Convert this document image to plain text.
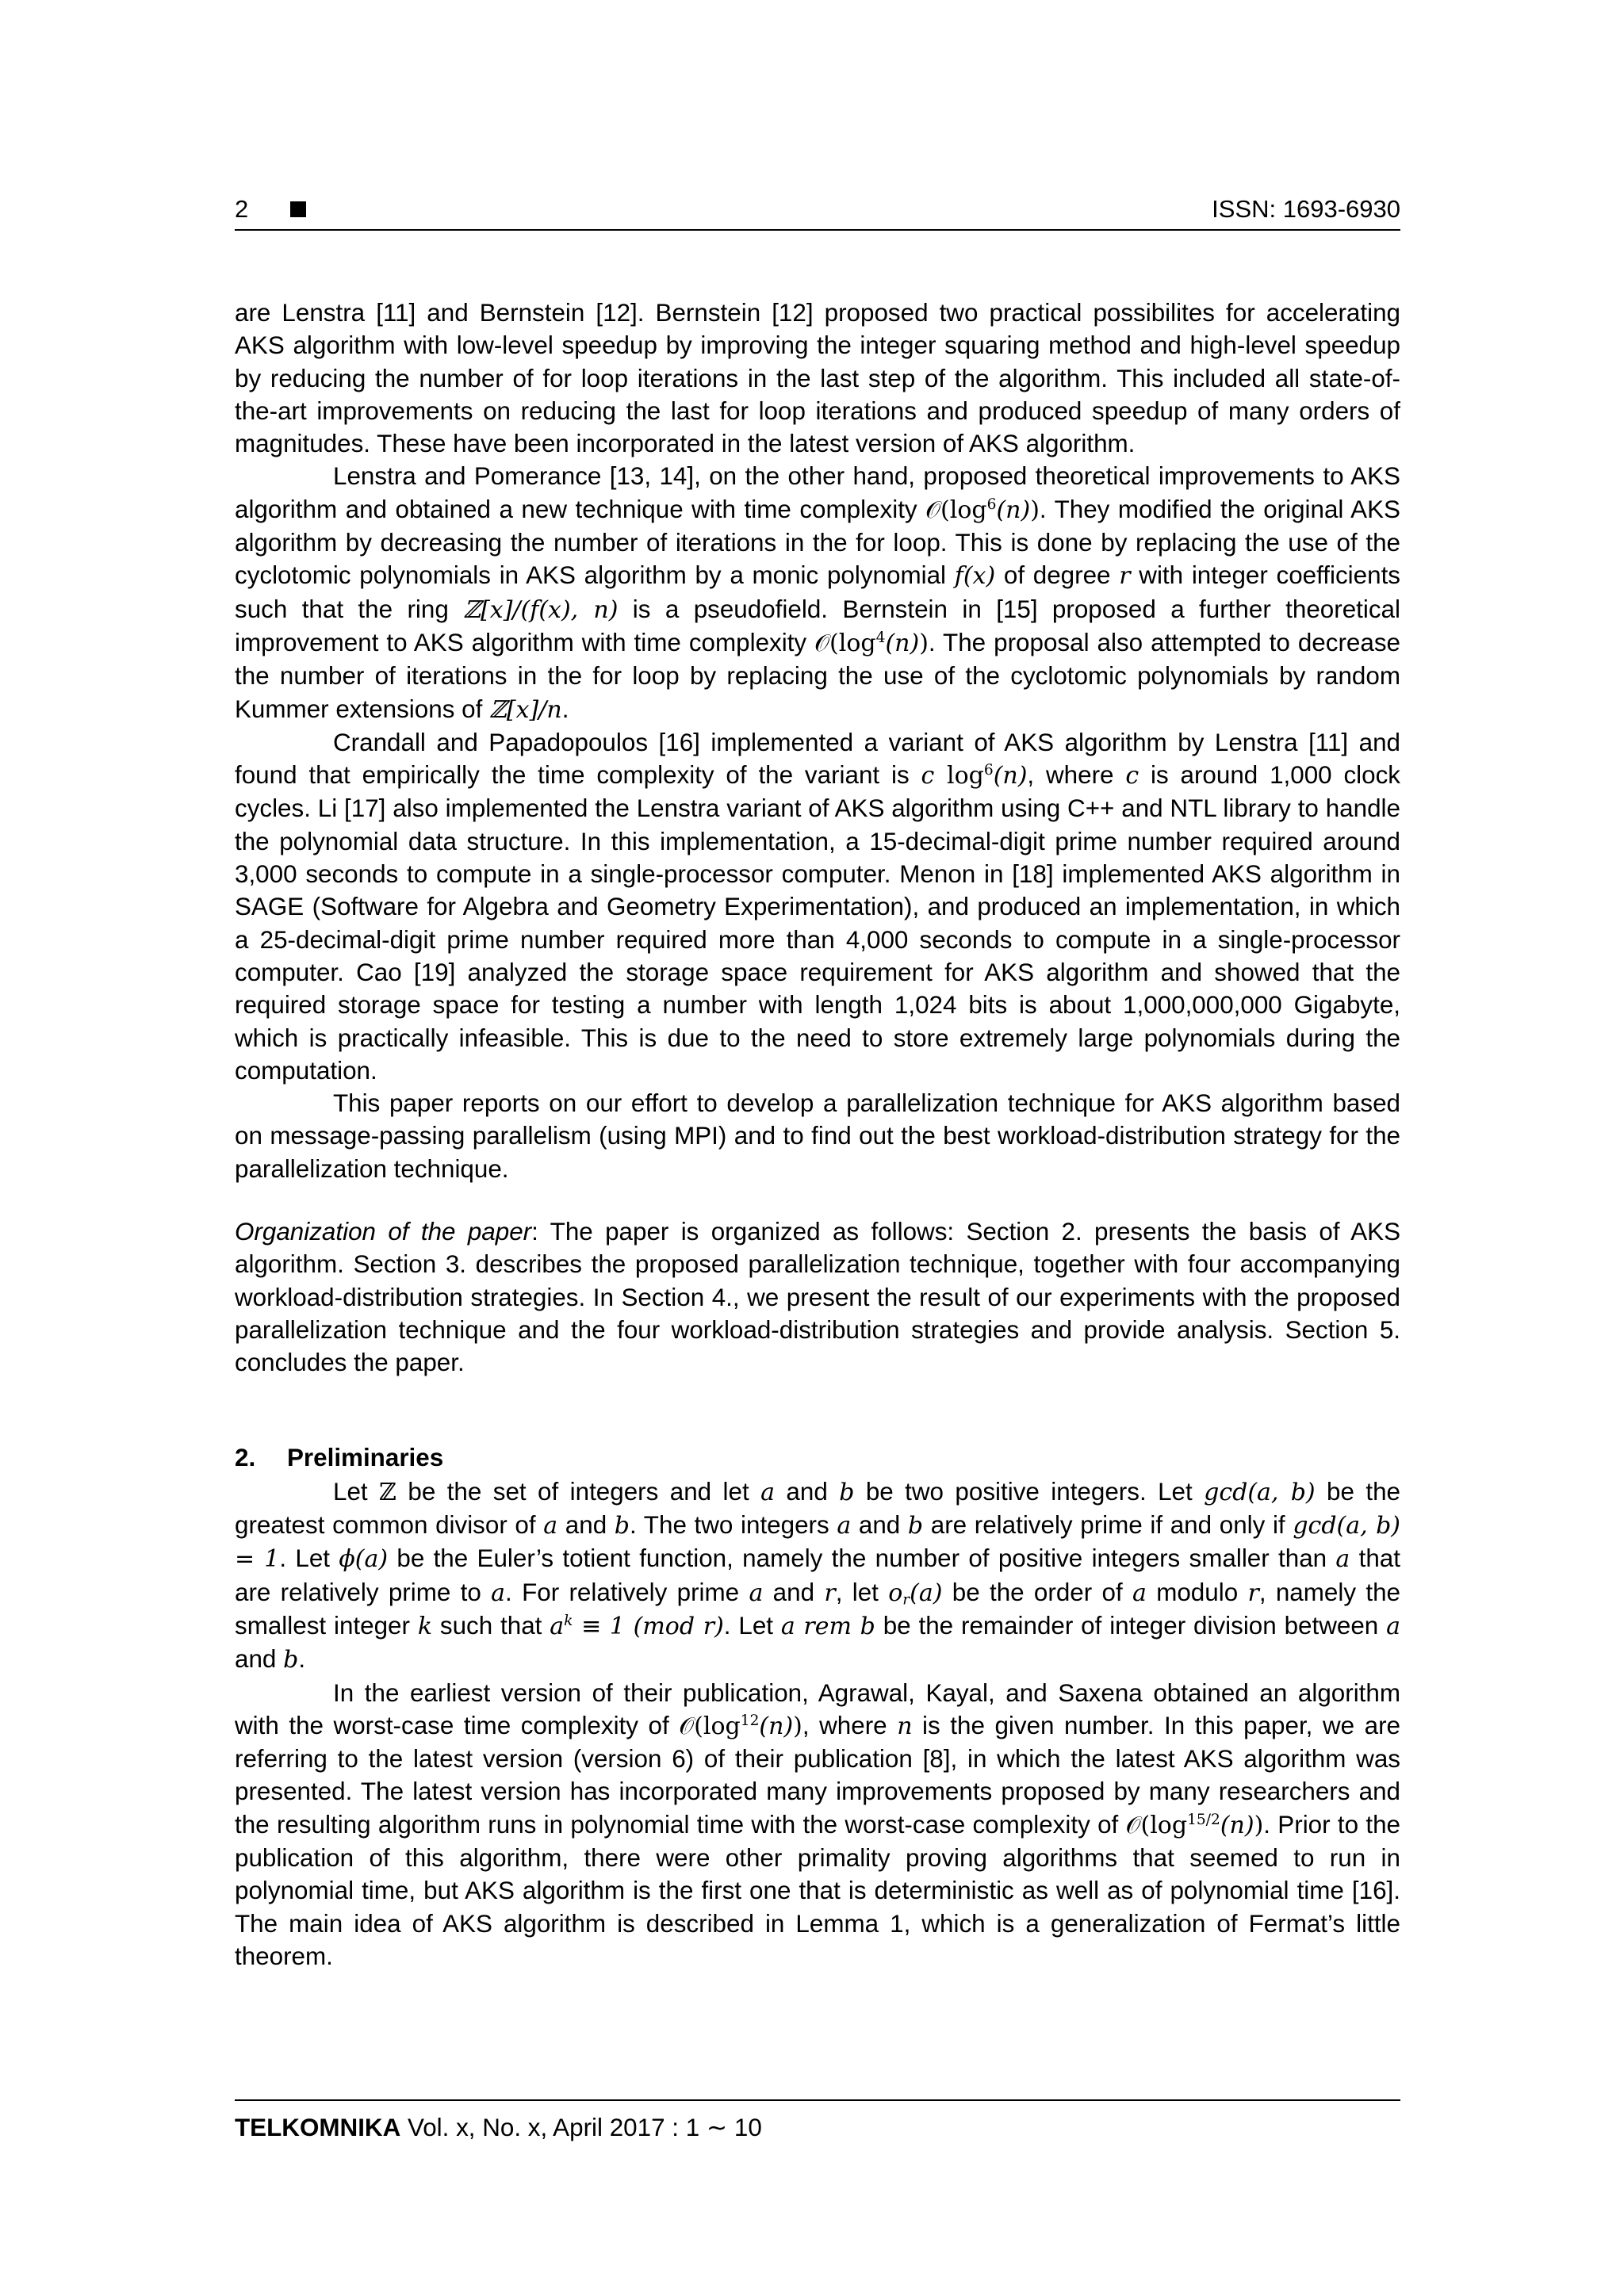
2	ISSN: 1693-6930

are Lenstra [11] and Bernstein [12]. Bernstein [12] proposed two practical possibilites for accelerating AKS algorithm with low-level speedup by improving the integer squaring method and high-level speedup by reducing the number of for loop iterations in the last step of the algorithm. This included all state-of-the-art improvements on reducing the last for loop iterations and produced speedup of many orders of magnitudes. These have been incorporated in the latest version of AKS algorithm.

Lenstra and Pomerance [13, 14], on the other hand, proposed theoretical improvements to AKS algorithm and obtained a new technique with time complexity $𝒪(\log^6(n))$. They modified the original AKS algorithm by decreasing the number of iterations in the for loop. This is done by replacing the use of the cyclotomic polynomials in AKS algorithm by a monic polynomial f(x) of degree r with integer coefficients such that the ring ℤ[x]/(f(x), n) is a pseudofield. Bernstein in [15] proposed a further theoretical improvement to AKS algorithm with time complexity $𝒪(\log^4(n))$. The proposal also attempted to decrease the number of iterations in the for loop by replacing the use of the cyclotomic polynomials by random Kummer extensions of ℤ[x]/n.

Crandall and Papadopoulos [16] implemented a variant of AKS algorithm by Lenstra [11] and found that empirically the time complexity of the variant is c $\log^6(n)$, where c is around 1,000 clock cycles. Li [17] also implemented the Lenstra variant of AKS algorithm using C++ and NTL library to handle the polynomial data structure. In this implementation, a 15-decimal-digit prime number required around 3,000 seconds to compute in a single-processor computer. Menon in [18] implemented AKS algorithm in SAGE (Software for Algebra and Geometry Experimentation), and produced an implementation, in which a 25-decimal-digit prime number required more than 4,000 seconds to compute in a single-processor computer. Cao [19] analyzed the storage space requirement for AKS algorithm and showed that the required storage space for testing a number with length 1,024 bits is about 1,000,000,000 Gigabyte, which is practically infeasible. This is due to the need to store extremely large polynomials during the computation.

This paper reports on our effort to develop a parallelization technique for AKS algorithm based on message-passing parallelism (using MPI) and to find out the best workload-distribution strategy for the parallelization technique.

Organization of the paper: The paper is organized as follows: Section 2. presents the basis of AKS algorithm. Section 3. describes the proposed parallelization technique, together with four accompanying workload-distribution strategies. In Section 4., we present the result of our experiments with the proposed parallelization technique and the four workload-distribution strategies and provide analysis. Section 5. concludes the paper.

2. Preliminaries

Let ℤ be the set of integers and let a and b be two positive integers. Let gcd(a, b) be the greatest common divisor of a and b. The two integers a and b are relatively prime if and only if gcd(a, b) = 1. Let ϕ(a) be the Euler’s totient function, namely the number of positive integers smaller than a that are relatively prime to a. For relatively prime a and r, let $o_r(a)$ be the order of a modulo r, namely the smallest integer k such that $a^k \equiv 1$ (mod r). Let a rem b be the remainder of integer division between a and b.

In the earliest version of their publication, Agrawal, Kayal, and Saxena obtained an algorithm with the worst-case time complexity of $𝒪(\log^{12}(n))$, where n is the given number. In this paper, we are referring to the latest version (version 6) of their publication [8], in which the latest AKS algorithm was presented. The latest version has incorporated many improvements proposed by many researchers and the resulting algorithm runs in polynomial time with the worst-case complexity of $𝒪(\log^{15/2}(n))$. Prior to the publication of this algorithm, there were other primality proving algorithms that seemed to run in polynomial time, but AKS algorithm is the first one that is deterministic as well as of polynomial time [16]. The main idea of AKS algorithm is described in Lemma 1, which is a generalization of Fermat’s little theorem.

TELKOMNIKA Vol. x, No. x, April 2017 : 1 ∼ 10
